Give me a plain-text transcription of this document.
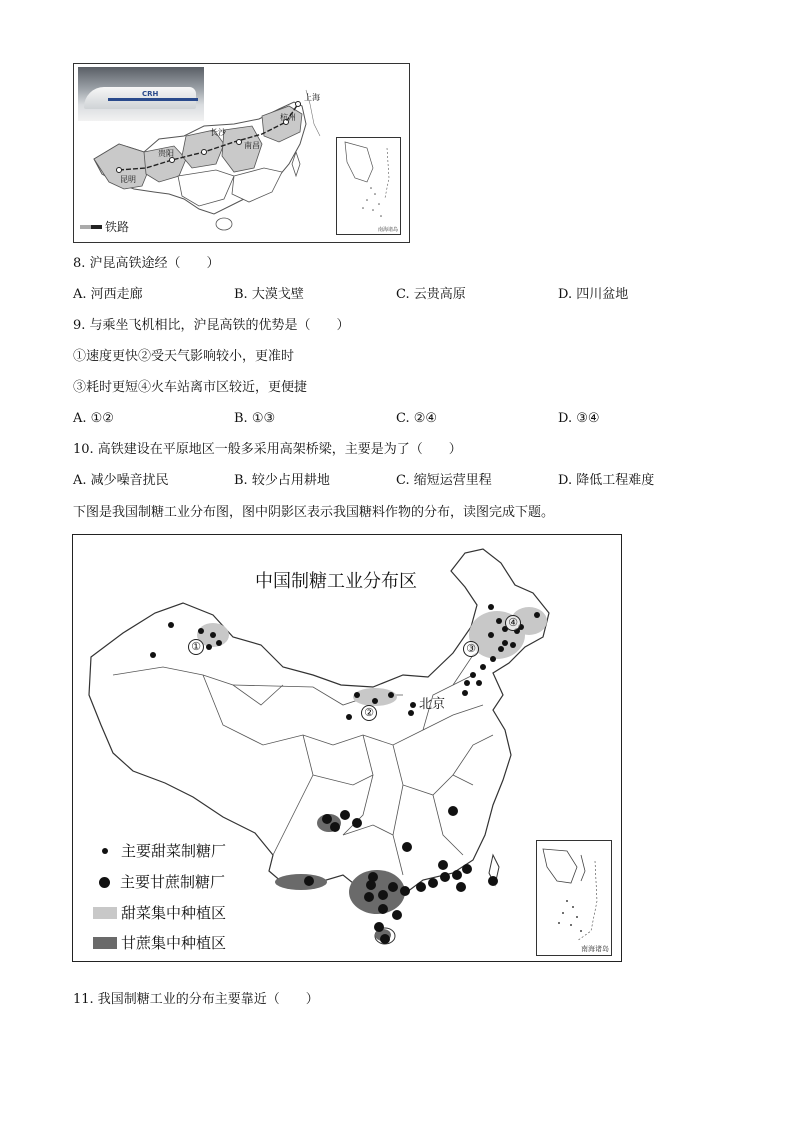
CRH	上海
杭州
长沙
南昌
贵阳
昆明
南海诸岛
铁路
8. 沪昆高铁途经（　　）
A. 河西走廊	B. 大漠戈壁	C. 云贵高原	D. 四川盆地
9. 与乘坐飞机相比，沪昆高铁的优势是（　　）
①速度更快②受天气影响较小，更准时
③耗时更短④火车站离市区较近，更便捷
A. ①②	B. ①③	C. ②④	D. ③④
10. 高铁建设在平原地区一般多采用高架桥梁，主要是为了（　　）
A. 减少噪音扰民	B. 较少占用耕地	C. 缩短运营里程	D. 降低工程难度
下图是我国制糖工业分布图，图中阴影区表示我国糖料作物的分布，读图完成下题。
中国制糖工业分布区
北京
①
②
③
④
主要甜菜制糖厂
主要甘蔗制糖厂
甜菜集中种植区
甘蔗集中种植区	南海诸岛
11. 我国制糖工业的分布主要靠近（　　）
